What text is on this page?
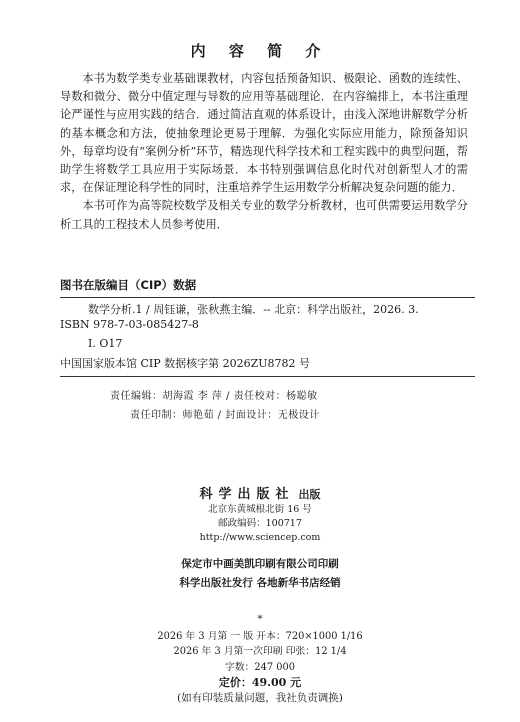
内 容 简 介

本书为数学类专业基础课教材，内容包括预备知识、极限论、函数的连续性、导数和微分、微分中值定理与导数的应用等基础理论．在内容编排上，本书注重理论严谨性与应用实践的结合．通过简洁直观的体系设计，由浅入深地讲解数学分析的基本概念和方法，使抽象理论更易于理解．为强化实际应用能力，除预备知识外，每章均设有“案例分析”环节，精选现代科学技术和工程实践中的典型问题，帮助学生将数学工具应用于实际场景．本书特别强调信息化时代对创新型人才的需求，在保证理论科学性的同时，注重培养学生运用数学分析解决复杂问题的能力．

本书可作为高等院校数学及相关专业的数学分析教材，也可供需要运用数学分析工具的工程技术人员参考使用．

图书在版编目（CIP）数据
数学分析.1 / 周钰谦，张秋燕主编．-- 北京：科学出版社，2026. 3.
ISBN 978-7-03-085427-8
Ⅰ. O17
中国国家版本馆 CIP 数据核字第 2026ZU8782 号
责任编辑：胡海霞 李 萍 / 责任校对：杨聪敏
责任印制：师艳茹 / 封面设计：无极设计
科学出版社 出版
北京东黄城根北街 16 号
邮政编码：100717
http://www.sciencep.com
保定市中画美凯印刷有限公司印刷
科学出版社发行 各地新华书店经销
*
2026 年 3 月第 一 版 开本：720×1000 1/16
2026 年 3 月第一次印刷 印张：12 1/4
字数：247 000
定价：49.00 元
(如有印装质量问题，我社负责调换)
